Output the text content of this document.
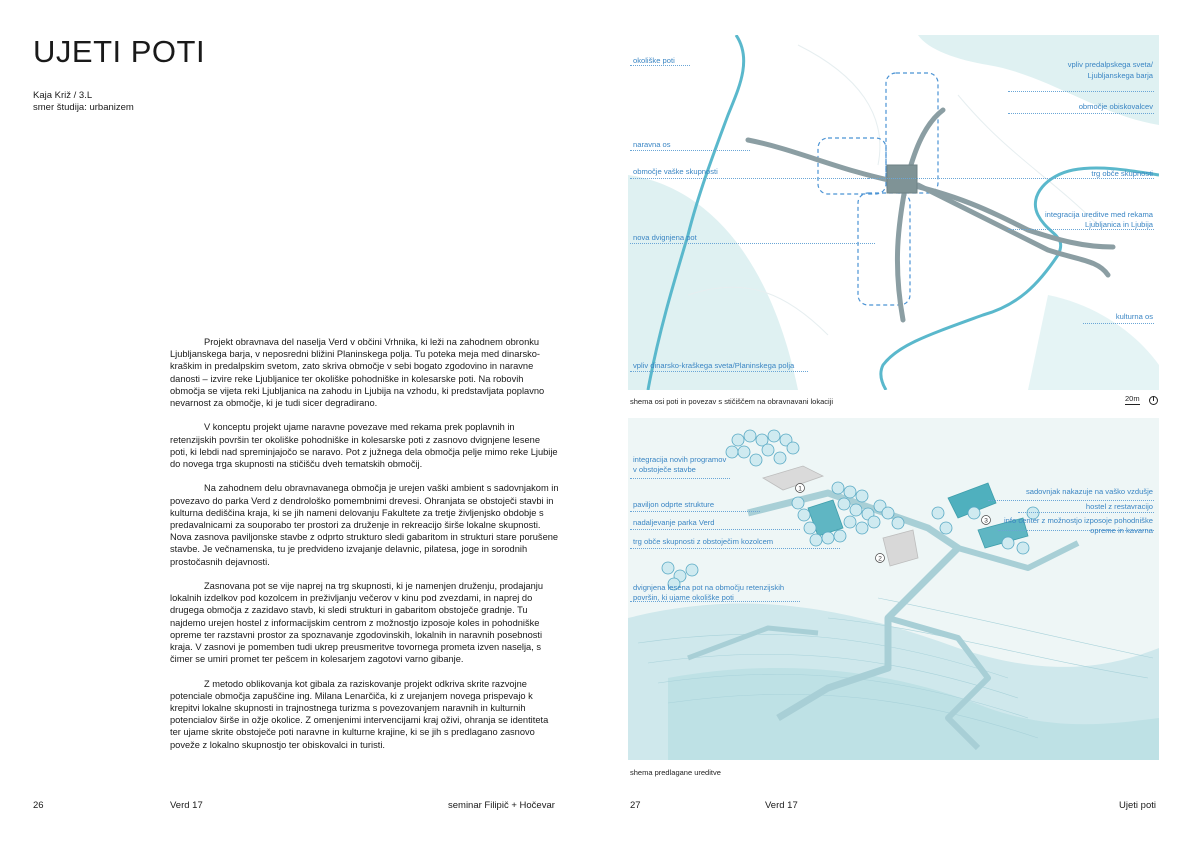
UJETI POTI
Kaja Križ / 3.L
smer študija: urbanizem

Projekt obravnava del naselja Verd v občini Vrhnika, ki leži na zahodnem obronku Ljubljanskega barja, v neposredni bližini Planinskega polja. Tu poteka meja med dinarsko-kraškim in predalpskim svetom, zato skriva območje v sebi bogato zgodovino in naravne danosti – izvire reke Ljubljanice ter okoliške pohodniške in kolesarske poti. Na robovih območja se vijeta reki Ljubljanica na zahodu in Ljubija na vzhodu, ki predstavljata poplavno nevarnost za območje, ki je tudi sicer degradirano.

V konceptu projekt ujame naravne povezave med rekama prek poplavnih in retenzijskih površin ter okoliške pohodniške in kolesarske poti z zasnovo dvignjene lesene poti, ki lebdi nad spreminjajočo se naravo. Pot z južnega dela območja pelje mimo reke Ljubije do novega trga skupnosti na stičišču dveh tematskih območij.

Na zahodnem delu obravnavanega območja je urejen vaški ambient s sadovnjakom in povezavo do parka Verd z dendrološko pomembnimi drevesi. Ohranjata se obstoječi stavbi in kulturna dediščina kraja, ki se jih nameni delovanju Fakultete za tretje življenjsko obdobje s predavalnicami za souporabo ter prostori za druženje in rekreacijo širše lokalne skupnosti. Nova zasnova paviljonske stavbe z odprto strukturo sledi gabaritom in strukturi stare porušene stavbe. Je večnamenska, tu je predvideno izvajanje delavnic, pilatesa, joge in sorodnih prostočasnih dejavnosti.

Zasnovana pot se vije naprej na trg skupnosti, ki je namenjen druženju, prodajanju lokalnih izdelkov pod kozolcem in preživljanju večerov v kinu pod zvezdami, in naprej do drugega območja z zazidavo stavb, ki sledi strukturi in gabaritom obstoječe gradnje. Tu najdemo urejen hostel z informacijskim centrom z možnostjo izposoje koles in pohodniške opreme ter razstavni prostor za spoznavanje zgodovinskih, lokalnih in naravnih posebnosti kraja. V zasnovi je pomemben tudi ukrep preusmeritve tovornega prometa izven naselja, s čimer se umiri promet ter pešcem in kolesarjem zagotovi varno gibanje.

Z metodo oblikovanja kot gibala za raziskovanje projekt odkriva skrite razvojne potenciale območja zapuščine ing. Milana Lenarčiča, ki z urejanjem novega prispevajo k krepitvi lokalne skupnosti in trajnostnega turizma s povezovanjem naravnih in kulturnih potencialov širše in ožje okolice. Z omenjenimi intervencijami kraj oživi, ohranja se identiteta ter ujame skrite obstoječe poti naravne in kulturne krajine, ki se jih s predlagano zasnovo poveže z lokalno skupnostjo ter obiskovalci in turisti.

26	Verd 17	seminar Filipič + Hočevar
okoliške poti
naravna os
območje vaške skupnosti
nova dvignjena pot
vpliv dinarsko-kraškega sveta/Planinskega polja
vpliv predalpskega sveta/
Ljubljanskega barja
območje obiskovalcev
trg obče skupnosti
integracija ureditve med rekama
Ljubljanica in Ljubija
kulturna os
shema osi poti in povezav s stičiščem na obravnavani lokaciji	20m
1
2
3
integracija novih programov
v obstoječe stavbe
paviljon odprte strukture
nadaljevanje parka Verd
trg obče skupnosti z obstoječim kozolcem
dvignjena lesena pot na območju retenzijskih
površin, ki ujame okoliške poti
sadovnjak nakazuje na vaško vzdušje
hostel z restavracijo
info center z možnostjo izposoje pohodniške
opreme in kavarna
shema predlagane ureditve
27	Verd 17	Ujeti poti
